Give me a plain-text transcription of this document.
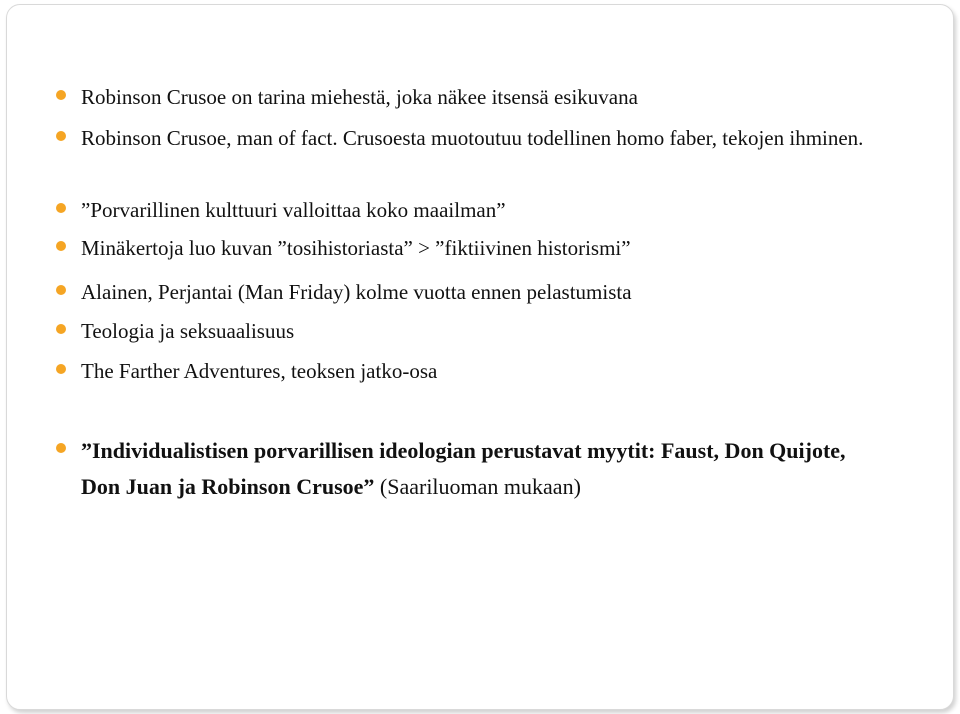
Robinson Crusoe on tarina miehestä, joka näkee itsensä esikuvana
Robinson Crusoe, man of fact. Crusoesta muotoutuu todellinen homo faber, tekojen ihminen.
”Porvarillinen kulttuuri valloittaa koko maailman”
Minäkertoja luo kuvan ”tosihistoriasta” > ”fiktiivinen historismi”
Alainen, Perjantai (Man Friday) kolme vuotta ennen pelastumista
Teologia ja seksuaalisuus
The Farther Adventures, teoksen jatko-osa
”Individualistisen porvarillisen ideologian perustavat myytit: Faust, Don Quijote, Don Juan ja Robinson Crusoe” (Saariluoman mukaan)
